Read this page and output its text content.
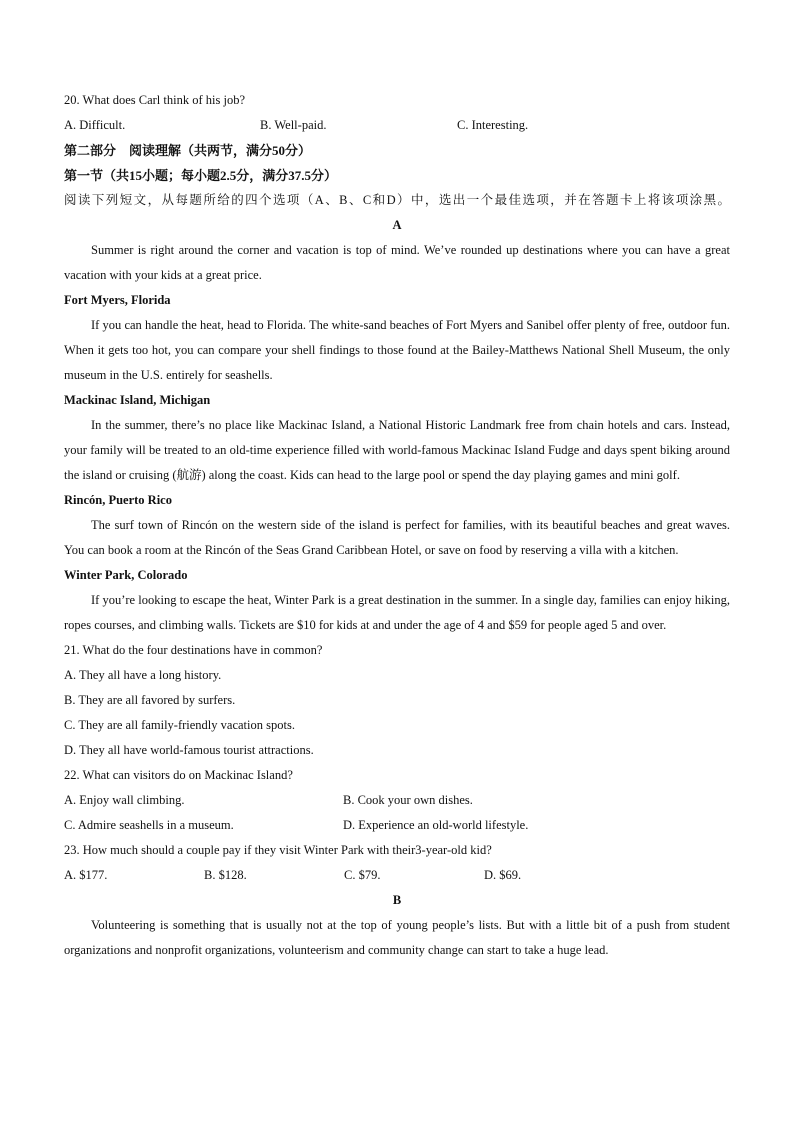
20. What does Carl think of his job?
A. Difficult.	B. Well-paid.	C. Interesting.
第二部分　阅读理解（共两节，满分50分）
第一节（共15小题；每小题2.5分，满分37.5分）
阅读下列短文，从每题所给的四个选项（A、B、C和D）中，选出一个最佳选项，并在答题卡上将该项涂黑。
A
Summer is right around the corner and vacation is top of mind. We’ve rounded up destinations where you can have a great vacation with your kids at a great price.
Fort Myers, Florida
If you can handle the heat, head to Florida. The white-sand beaches of Fort Myers and Sanibel offer plenty of free, outdoor fun. When it gets too hot, you can compare your shell findings to those found at the Bailey-Matthews National Shell Museum, the only museum in the U.S. entirely for seashells.
Mackinac Island, Michigan
In the summer, there’s no place like Mackinac Island, a National Historic Landmark free from chain hotels and cars. Instead, your family will be treated to an old-time experience filled with world-famous Mackinac Island Fudge and days spent biking around the island or cruising (航游) along the coast. Kids can head to the large pool or spend the day playing games and mini golf.
Rincón, Puerto Rico
The surf town of Rincón on the western side of the island is perfect for families, with its beautiful beaches and great waves. You can book a room at the Rincón of the Seas Grand Caribbean Hotel, or save on food by reserving a villa with a kitchen.
Winter Park, Colorado
If you’re looking to escape the heat, Winter Park is a great destination in the summer. In a single day, families can enjoy hiking, ropes courses, and climbing walls. Tickets are $10 for kids at and under the age of 4 and $59 for people aged 5 and over.
21. What do the four destinations have in common?
A. They all have a long history.
B. They are all favored by surfers.
C. They are all family-friendly vacation spots.
D. They all have world-famous tourist attractions.
22. What can visitors do on Mackinac Island?
A. Enjoy wall climbing.	B. Cook your own dishes.
C. Admire seashells in a museum.	D. Experience an old-world lifestyle.
23. How much should a couple pay if they visit Winter Park with their3-year-old kid?
A. $177.	B. $128.	C. $79.	D. $69.
B
Volunteering is something that is usually not at the top of young people’s lists. But with a little bit of a push from student organizations and nonprofit organizations, volunteerism and community change can start to take a huge lead.
